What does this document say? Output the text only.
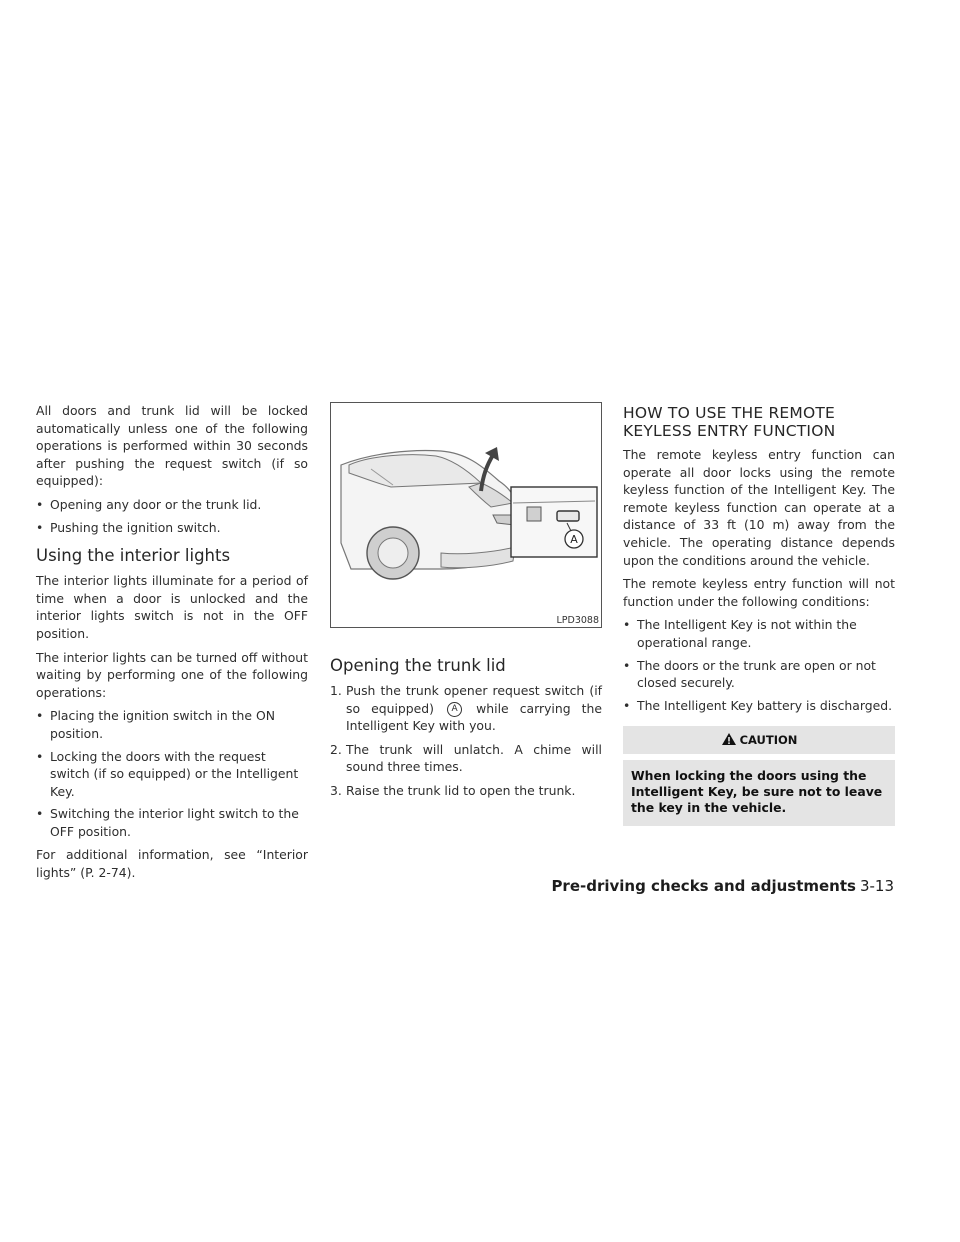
All doors and trunk lid will be locked automatically unless one of the following operations is performed within 30 seconds after pushing the request switch (if so equipped):

• Opening any door or the trunk lid.
• Pushing the ignition switch.
Using the interior lights

The interior lights illuminate for a period of time when a door is unlocked and the interior lights switch is not in the OFF position.

The interior lights can be turned off without waiting by performing one of the following operations:

• Placing the ignition switch in the ON position.
• Locking the doors with the request switch (if so equipped) or the Intelligent Key.
• Switching the interior light switch to the OFF position.

For additional information, see “Interior lights” (P. 2-74).

A
LPD3088
Opening the trunk lid
1. Push the trunk opener request switch (if so equipped) A while carrying the Intelligent Key with you.
2. The trunk will unlatch. A chime will sound three times.
3. Raise the trunk lid to open the trunk.
HOW TO USE THE REMOTE
KEYLESS ENTRY FUNCTION

The remote keyless entry function can operate all door locks using the remote keyless function of the Intelligent Key. The remote keyless function can operate at a distance of 33 ft (10 m) away from the vehicle. The operating distance depends upon the conditions around the vehicle.

The remote keyless entry function will not function under the following conditions:

• The Intelligent Key is not within the operational range.
• The doors or the trunk are open or not closed securely.
• The Intelligent Key battery is discharged.
CAUTION
When locking the doors using the Intelligent Key, be sure not to leave the key in the vehicle.
Pre-driving checks and adjustments 3-13
